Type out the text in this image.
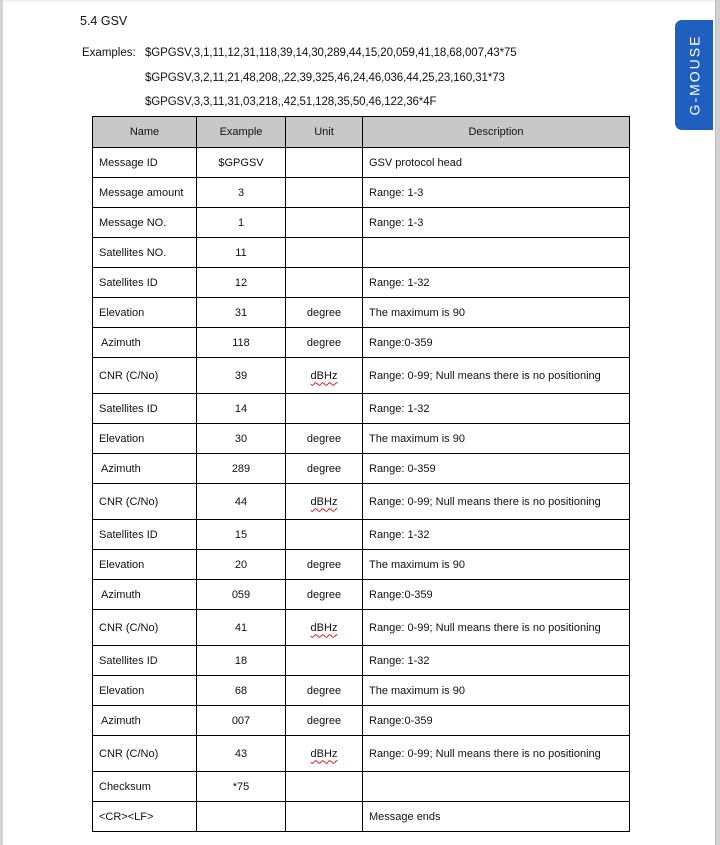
5.4 GSV
Examples: $GPGSV,3,1,11,12,31,118,39,14,30,289,44,15,20,059,41,18,68,007,43*75
$GPGSV,3,2,11,21,48,208,,22,39,325,46,24,46,036,44,25,23,160,31*73
$GPGSV,3,3,11,31,03,218,,42,51,128,35,50,46,122,36*4F	G-MOUSE
Name	Example	Unit	Description
Message ID	$GPGSV		GSV protocol head
Message amount	3		Range: 1-3
Message NO.	1		Range: 1-3
Satellites NO.	11		
Satellites ID	12		Range: 1-32
Elevation	31	degree	The maximum is 90
Azimuth	118	degree	Range:0-359
CNR (C/No)	39	dBHz	Range: 0-99; Null means there is no positioning
Satellites ID	14		Range: 1-32
Elevation	30	degree	The maximum is 90
Azimuth	289	degree	Range: 0-359
CNR (C/No)	44	dBHz	Range: 0-99; Null means there is no positioning
Satellites ID	15		Range: 1-32
Elevation	20	degree	The maximum is 90
Azimuth	059	degree	Range:0-359
CNR (C/No)	41	dBHz	Range: 0-99; Null means there is no positioning
Satellites ID	18		Range: 1-32
Elevation	68	degree	The maximum is 90
Azimuth	007	degree	Range:0-359
CNR (C/No)	43	dBHz	Range: 0-99; Null means there is no positioning
Checksum	*75		
<CR><LF>			Message ends
